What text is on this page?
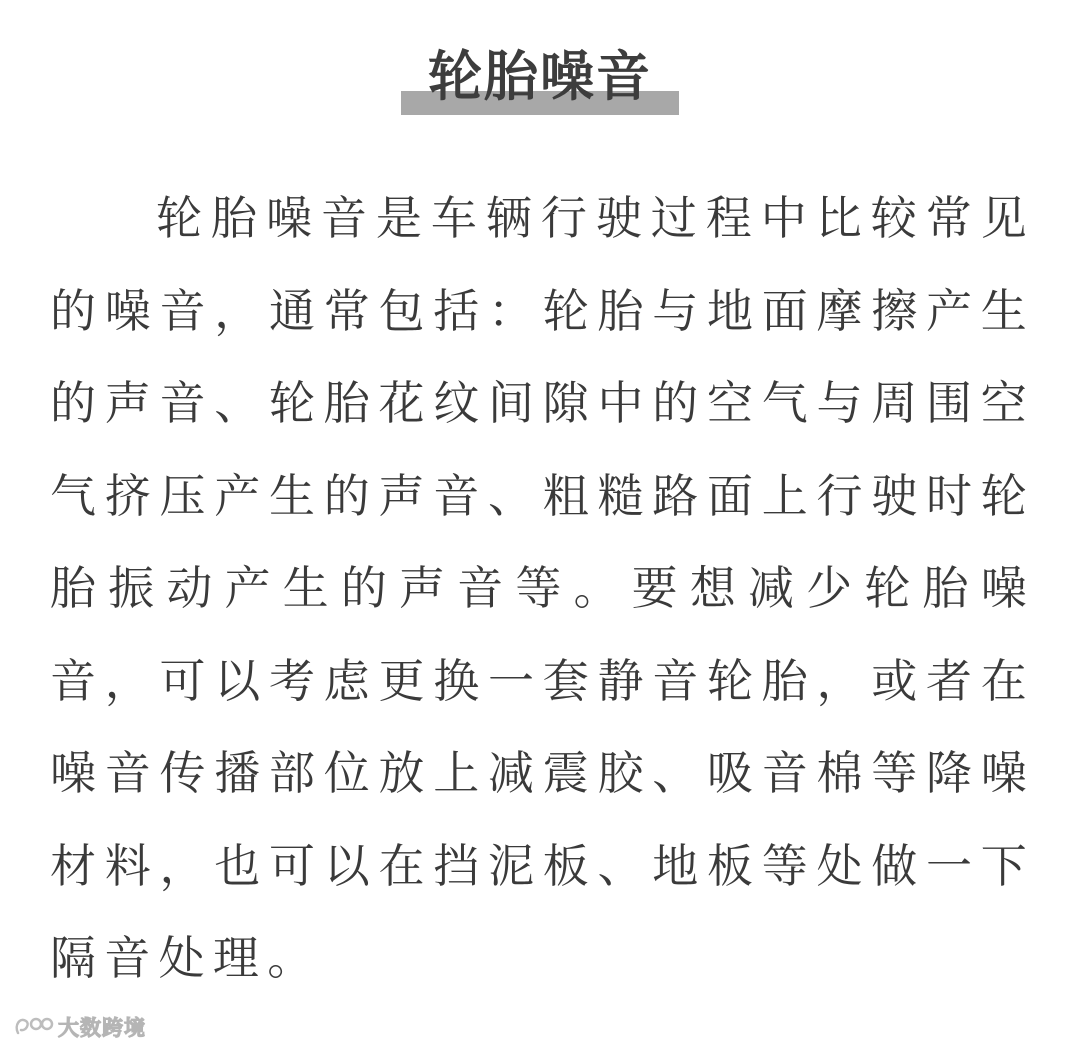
轮胎噪音

轮胎噪音是车辆行驶过程中比较常见的噪音，通常包括：轮胎与地面摩擦产生的声音、轮胎花纹间隙中的空气与周围空气挤压产生的声音、粗糙路面上行驶时轮胎振动产生的声音等。要想减少轮胎噪音，可以考虑更换一套静音轮胎，或者在噪音传播部位放上减震胶、吸音棉等降噪材料，也可以在挡泥板、地板等处做一下隔音处理。

大数跨境
